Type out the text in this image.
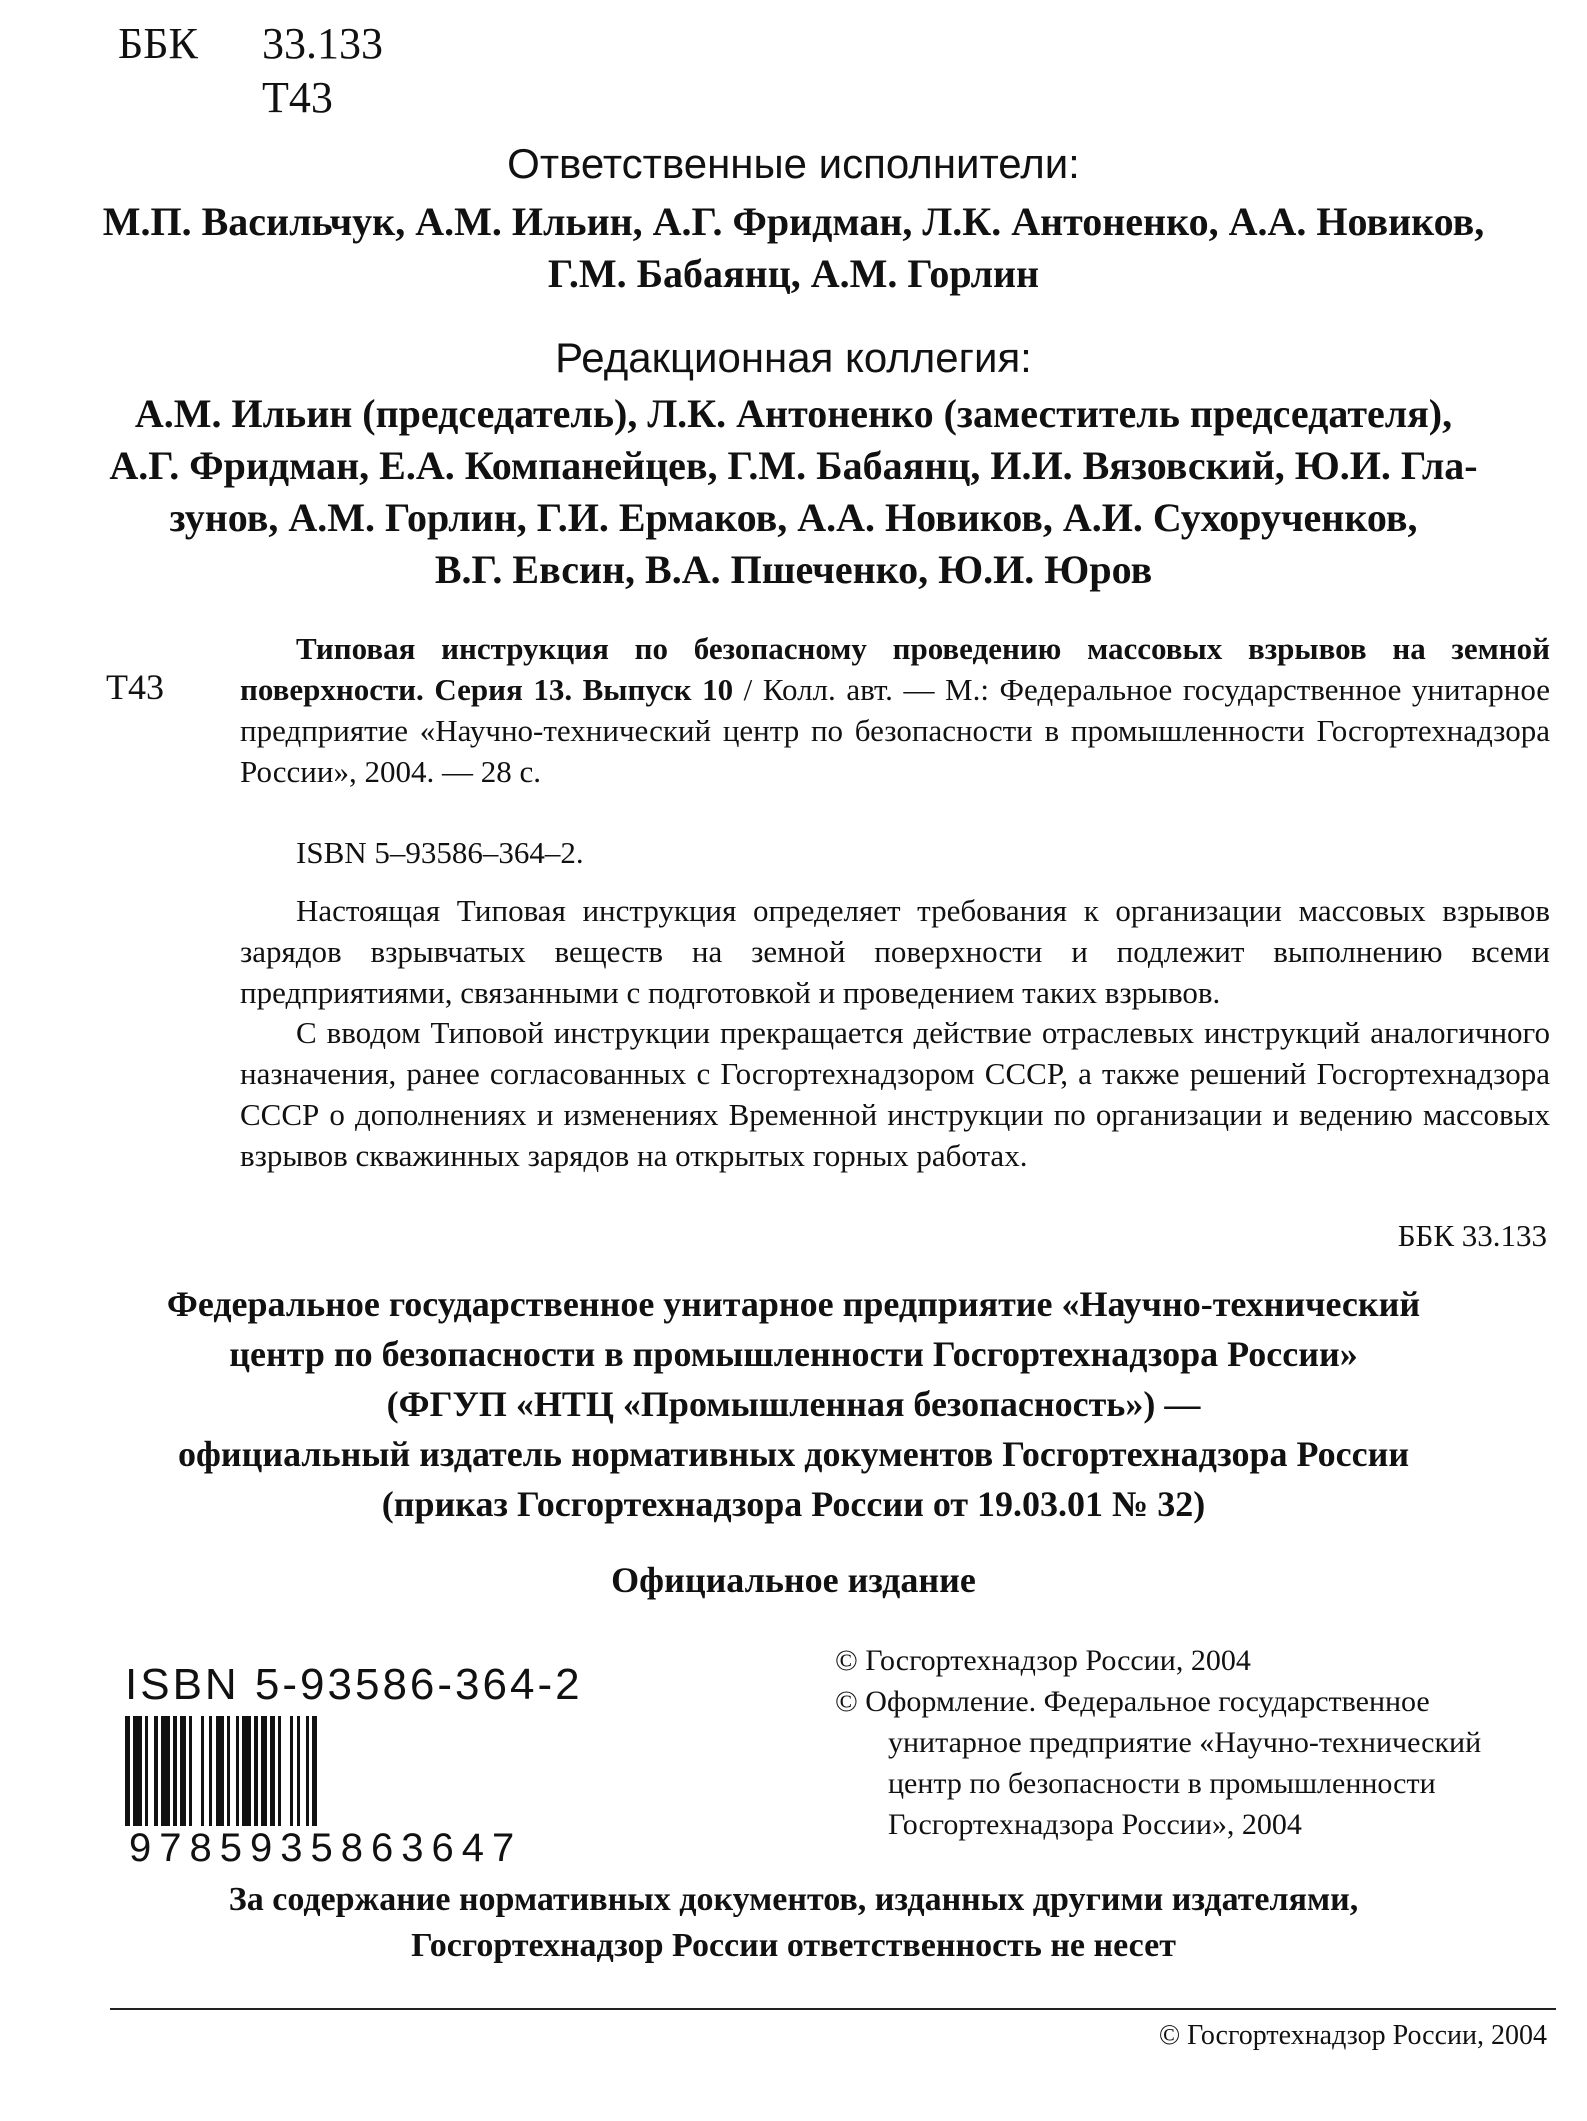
ББК 33.133
Т43
Ответственные исполнители:
М.П. Васильчук, А.М. Ильин, А.Г. Фридман, Л.К. Антоненко, А.А. Новиков,
Г.М. Бабаянц, А.М. Горлин
Редакционная коллегия:
А.М. Ильин (председатель), Л.К. Антоненко (заместитель председателя),
А.Г. Фридман, Е.А. Компанейцев, Г.М. Бабаянц, И.И. Вязовский, Ю.И. Гла-
зунов, А.М. Горлин, Г.И. Ермаков, А.А. Новиков, А.И. Сухорученков,
В.Г. Евсин, В.А. Пшеченко, Ю.И. Юров
Т43
Типовая инструкция по безопасному проведению массовых взрывов на земной поверхности. Серия 13. Выпуск 10 / Колл. авт. — М.: Федеральное государственное унитарное предприятие «Научно-технический центр по безопасности в промышленности Госгортехнадзора России», 2004. — 28 с.
ISBN 5–93586–364–2.
Настоящая Типовая инструкция определяет требования к организации массовых взрывов зарядов взрывчатых веществ на земной поверхности и подлежит выполнению всеми предприятиями, связанными с подготовкой и проведением таких взрывов.
С вводом Типовой инструкции прекращается действие отраслевых инструкций аналогичного назначения, ранее согласованных с Госгортехнадзором СССР, а также решений Госгортехнадзора СССР о дополнениях и изменениях Временной инструкции по организации и ведению массовых взрывов скважинных зарядов на открытых горных работах.
ББК 33.133
Федеральное государственное унитарное предприятие «Научно-технический
центр по безопасности в промышленности Госгортехнадзора России»
(ФГУП «НТЦ «Промышленная безопасность») —
официальный издатель нормативных документов Госгортехнадзора России
(приказ Госгортехнадзора России от 19.03.01 № 32)
Официальное издание
ISBN 5-93586-364-2
9785935863647
© Госгортехнадзор России, 2004
© Оформление. Федеральное государственное
унитарное предприятие «Научно-технический
центр по безопасности в промышленности
Госгортехнадзора России», 2004
За содержание нормативных документов, изданных другими издателями,
Госгортехнадзор России ответственность не несет
© Госгортехнадзор России, 2004
